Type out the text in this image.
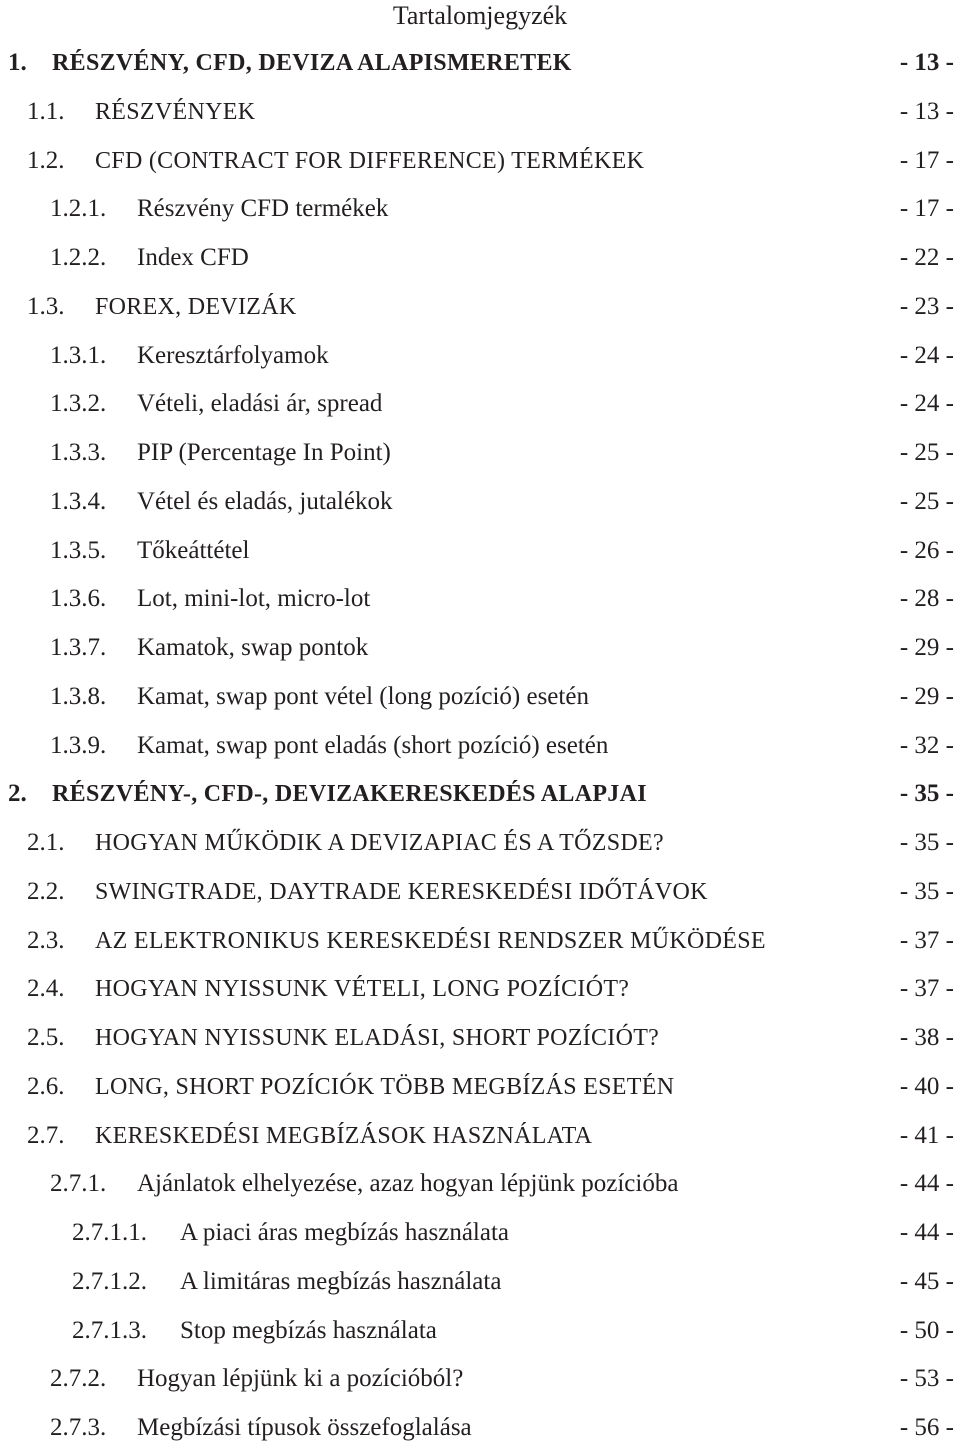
Tartalomjegyzék
1. RÉSZVÉNY, CFD, DEVIZA ALAPISMERETEK	- 13 -
1.1. RÉSZVÉNYEK	- 13 -
1.2. CFD (CONTRACT FOR DIFFERENCE) TERMÉKEK	- 17 -
1.2.1. Részvény CFD termékek	- 17 -
1.2.2. Index CFD	- 22 -
1.3. FOREX, DEVIZÁK	- 23 -
1.3.1. Keresztárfolyamok	- 24 -
1.3.2. Vételi, eladási ár, spread	- 24 -
1.3.3. PIP (Percentage In Point)	- 25 -
1.3.4. Vétel és eladás, jutalékok	- 25 -
1.3.5. Tőkeáttétel	- 26 -
1.3.6. Lot, mini-lot, micro-lot	- 28 -
1.3.7. Kamatok, swap pontok	- 29 -
1.3.8. Kamat, swap pont vétel (long pozíció) esetén	- 29 -
1.3.9. Kamat, swap pont eladás (short pozíció) esetén	- 32 -
2. RÉSZVÉNY-, CFD-, DEVIZAKERESKEDÉS ALAPJAI	- 35 -
2.1. HOGYAN MŰKÖDIK A DEVIZAPIAC ÉS A TŐZSDE?	- 35 -
2.2. SWINGTRADE, DAYTRADE KERESKEDÉSI IDŐTÁVOK	- 35 -
2.3. AZ ELEKTRONIKUS KERESKEDÉSI RENDSZER MŰKÖDÉSE	- 37 -
2.4. HOGYAN NYISSUNK VÉTELI, LONG POZÍCIÓT?	- 37 -
2.5. HOGYAN NYISSUNK ELADÁSI, SHORT POZÍCIÓT?	- 38 -
2.6. LONG, SHORT POZÍCIÓK TÖBB MEGBÍZÁS ESETÉN	- 40 -
2.7. KERESKEDÉSI MEGBÍZÁSOK HASZNÁLATA	- 41 -
2.7.1. Ajánlatok elhelyezése, azaz hogyan lépjünk pozícióba	- 44 -
2.7.1.1. A piaci áras megbízás használata	- 44 -
2.7.1.2. A limitáras megbízás használata	- 45 -
2.7.1.3. Stop megbízás használata	- 50 -
2.7.2. Hogyan lépjünk ki a pozícióból?	- 53 -
2.7.3. Megbízási típusok összefoglalása	- 56 -
